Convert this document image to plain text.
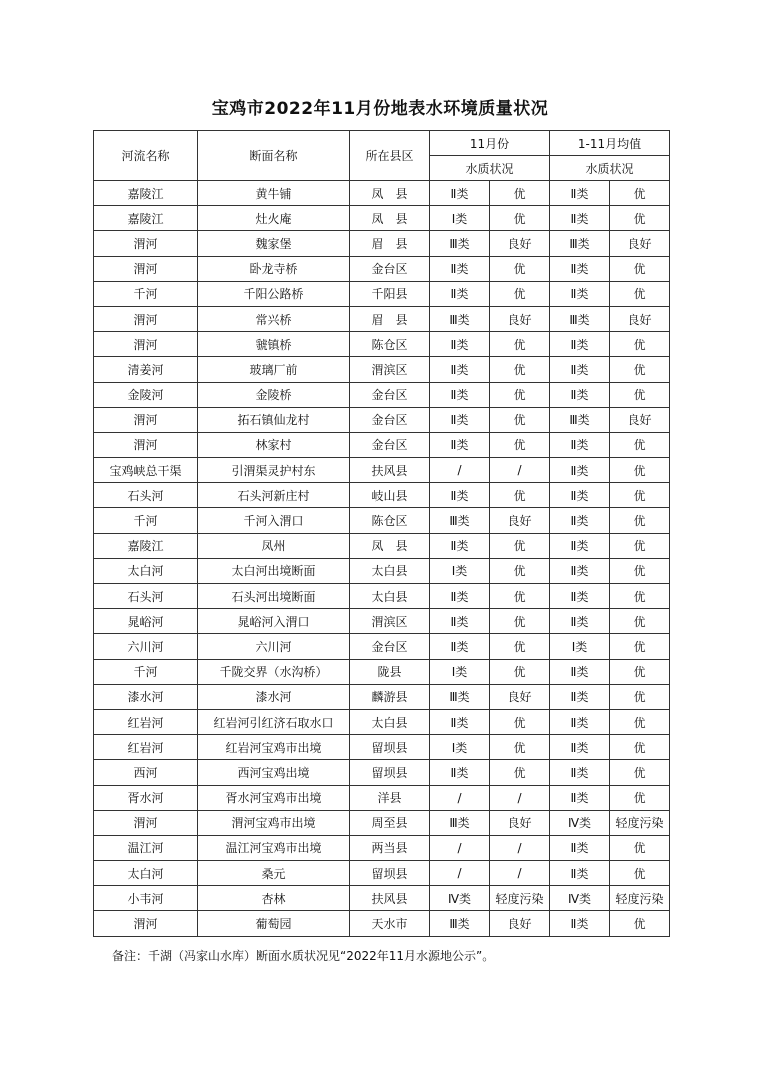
宝鸡市2022年11月份地表水环境质量状况
河流名称	断面名称	所在县区	11月份		1-11月均值	
			水质状况		水质状况	
嘉陵江	黄牛铺	凤　县	Ⅱ类	优	Ⅱ类	优
嘉陵江	灶火庵	凤　县	Ⅰ类	优	Ⅱ类	优
渭河	魏家堡	眉　县	Ⅲ类	良好	Ⅲ类	良好
渭河	卧龙寺桥	金台区	Ⅱ类	优	Ⅱ类	优
千河	千阳公路桥	千阳县	Ⅱ类	优	Ⅱ类	优
渭河	常兴桥	眉　县	Ⅲ类	良好	Ⅲ类	良好
渭河	虢镇桥	陈仓区	Ⅱ类	优	Ⅱ类	优
清姜河	玻璃厂前	渭滨区	Ⅱ类	优	Ⅱ类	优
金陵河	金陵桥	金台区	Ⅱ类	优	Ⅱ类	优
渭河	拓石镇仙龙村	金台区	Ⅱ类	优	Ⅲ类	良好
渭河	林家村	金台区	Ⅱ类	优	Ⅱ类	优
宝鸡峡总干渠	引渭渠灵护村东	扶风县	/	/	Ⅱ类	优
石头河	石头河新庄村	岐山县	Ⅱ类	优	Ⅱ类	优
千河	千河入渭口	陈仓区	Ⅲ类	良好	Ⅱ类	优
嘉陵江	凤州	凤　县	Ⅱ类	优	Ⅱ类	优
太白河	太白河出境断面	太白县	Ⅰ类	优	Ⅱ类	优
石头河	石头河出境断面	太白县	Ⅱ类	优	Ⅱ类	优
晁峪河	晁峪河入渭口	渭滨区	Ⅱ类	优	Ⅱ类	优
六川河	六川河	金台区	Ⅱ类	优	Ⅰ类	优
千河	千陇交界（水沟桥）	陇县	Ⅰ类	优	Ⅱ类	优
漆水河	漆水河	麟游县	Ⅲ类	良好	Ⅱ类	优
红岩河	红岩河引红济石取水口	太白县	Ⅱ类	优	Ⅱ类	优
红岩河	红岩河宝鸡市出境	留坝县	Ⅰ类	优	Ⅱ类	优
西河	西河宝鸡出境	留坝县	Ⅱ类	优	Ⅱ类	优
胥水河	胥水河宝鸡市出境	洋县	/	/	Ⅱ类	优
渭河	渭河宝鸡市出境	周至县	Ⅲ类	良好	Ⅳ类	轻度污染
温江河	温江河宝鸡市出境	两当县	/	/	Ⅱ类	优
太白河	桑元	留坝县	/	/	Ⅱ类	优
小韦河	杏林	扶风县	Ⅳ类	轻度污染	Ⅳ类	轻度污染
渭河	葡萄园	天水市	Ⅲ类	良好	Ⅱ类	优
备注：千湖（冯家山水库）断面水质状况见“2022年11月水源地公示”。
